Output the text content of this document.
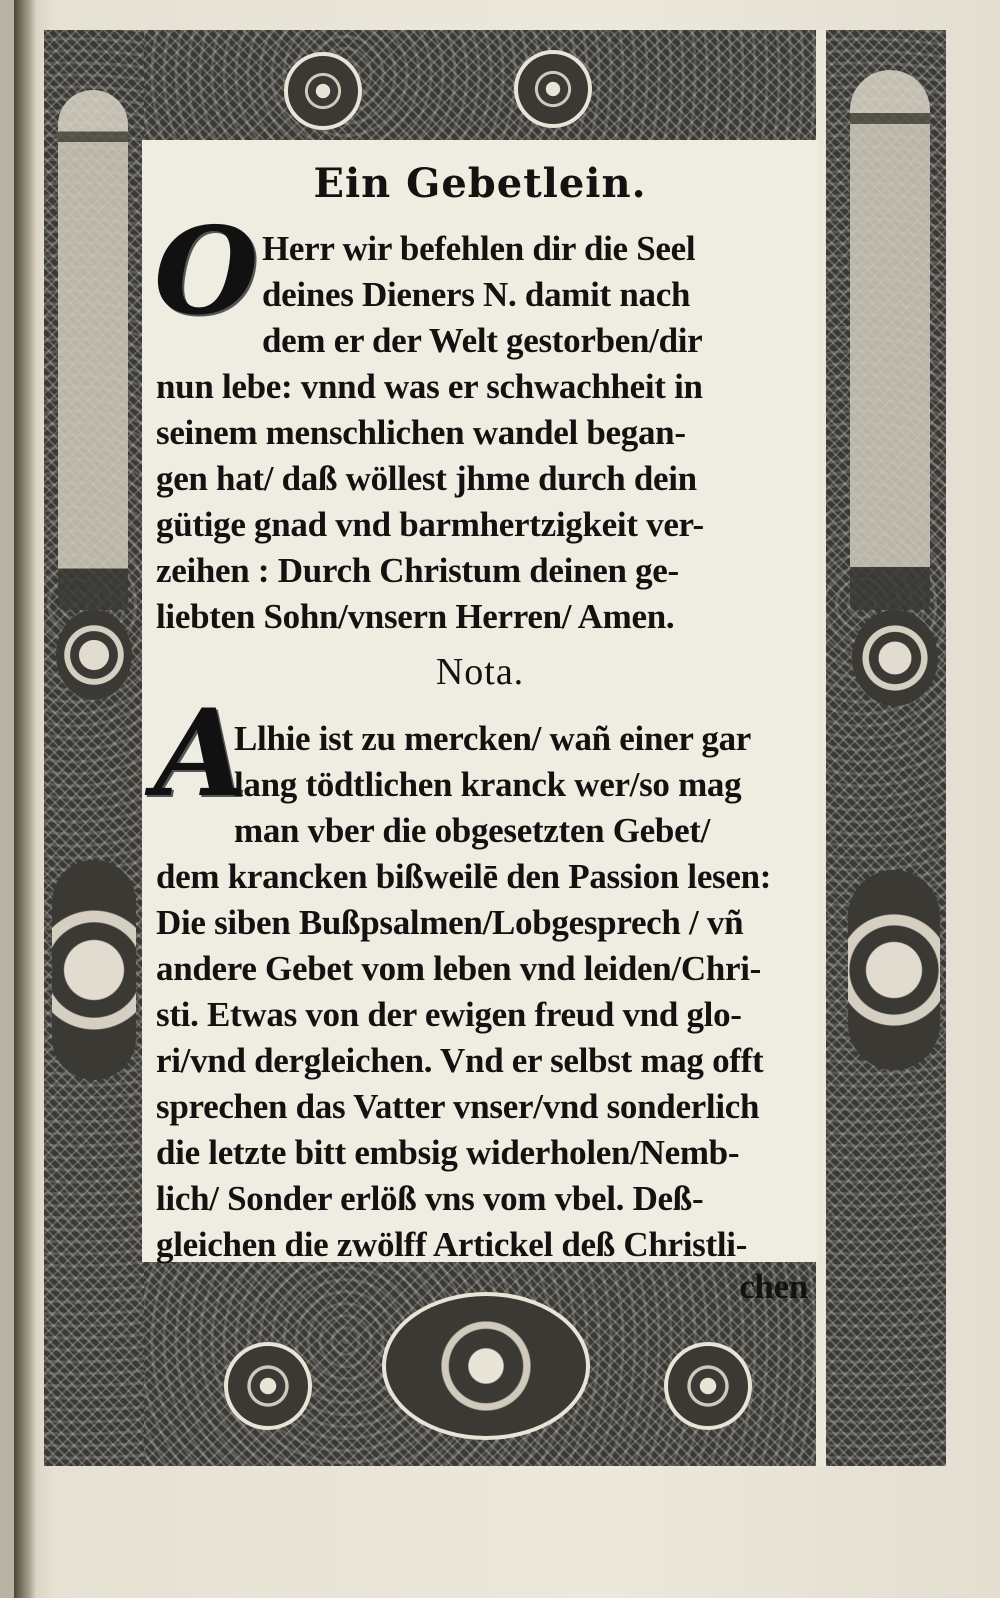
Ein Gebetlein.
O Herr wir befehlen dir die Seel
deines Dieners N. damit nach
dem er der Welt gestorben/dir
nun lebe: vnnd was er schwachheit in
seinem menschlichen wandel began-
gen hat/ daß wöllest jhme durch dein
gütige gnad vnd barmhertzigkeit ver-
zeihen : Durch Christum deinen ge-
liebten Sohn/vnsern Herren/ Amen.
Nota.
A
Llhie ist zu mercken/ wañ einer gar
lang tödtlichen kranck wer/so mag
man vber die obgesetzten Gebet/
dem krancken bißweilē den Passion lesen:
Die siben Bußpsalmen/Lobgesprech / vñ
andere Gebet vom leben vnd leiden/Chri-
sti. Etwas von der ewigen freud vnd glo-
ri/vnd dergleichen. Vnd er selbst mag offt
sprechen das Vatter vnser/vnd sonderlich
die letzte bitt embsig widerholen/Nemb-
lich/ Sonder erlöß vns vom vbel. Deß-
gleichen die zwölff Artickel deß Christli-
chen
